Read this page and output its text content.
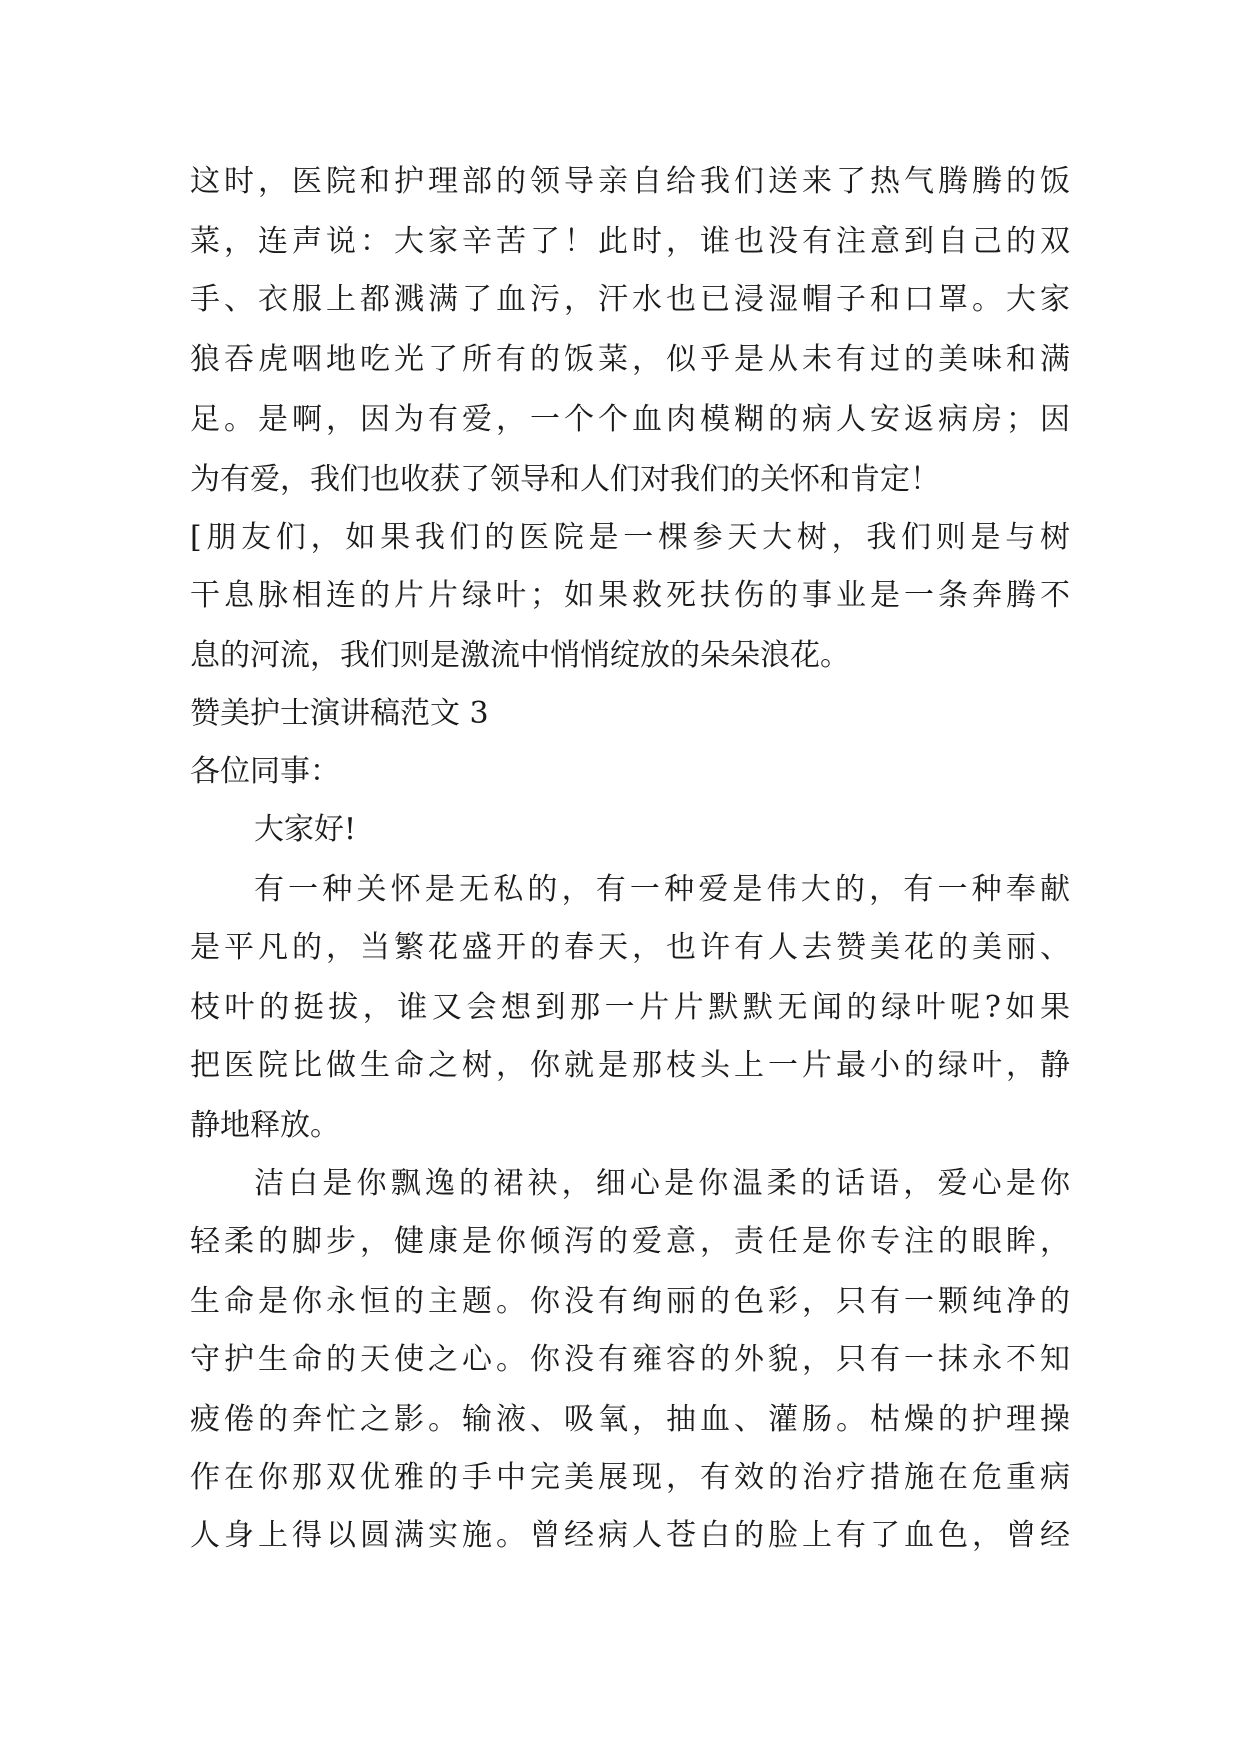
这时，医院和护理部的领导亲自给我们送来了热气腾腾的饭
菜，连声说：大家辛苦了！此时，谁也没有注意到自己的双
手、衣服上都溅满了血污，汗水也已浸湿帽子和口罩。大家
狼吞虎咽地吃光了所有的饭菜，似乎是从未有过的美味和满
足。是啊，因为有爱，一个个血肉模糊的病人安返病房；因
为有爱，我们也收获了领导和人们对我们的关怀和肯定！
[朋友们，如果我们的医院是一棵参天大树，我们则是与树
干息脉相连的片片绿叶；如果救死扶伤的事业是一条奔腾不
息的河流，我们则是激流中悄悄绽放的朵朵浪花。
赞美护士演讲稿范文 3
各位同事：
大家好!
有一种关怀是无私的，有一种爱是伟大的，有一种奉献
是平凡的，当繁花盛开的春天，也许有人去赞美花的美丽、
枝叶的挺拔，谁又会想到那一片片默默无闻的绿叶呢?如果
把医院比做生命之树，你就是那枝头上一片最小的绿叶，静
静地释放。
洁白是你飘逸的裙袂，细心是你温柔的话语，爱心是你
轻柔的脚步，健康是你倾泻的爱意，责任是你专注的眼眸，
生命是你永恒的主题。你没有绚丽的色彩，只有一颗纯净的
守护生命的天使之心。你没有雍容的外貌，只有一抹永不知
疲倦的奔忙之影。输液、吸氧，抽血、灌肠。枯燥的护理操
作在你那双优雅的手中完美展现，有效的治疗措施在危重病
人身上得以圆满实施。曾经病人苍白的脸上有了血色，曾经
